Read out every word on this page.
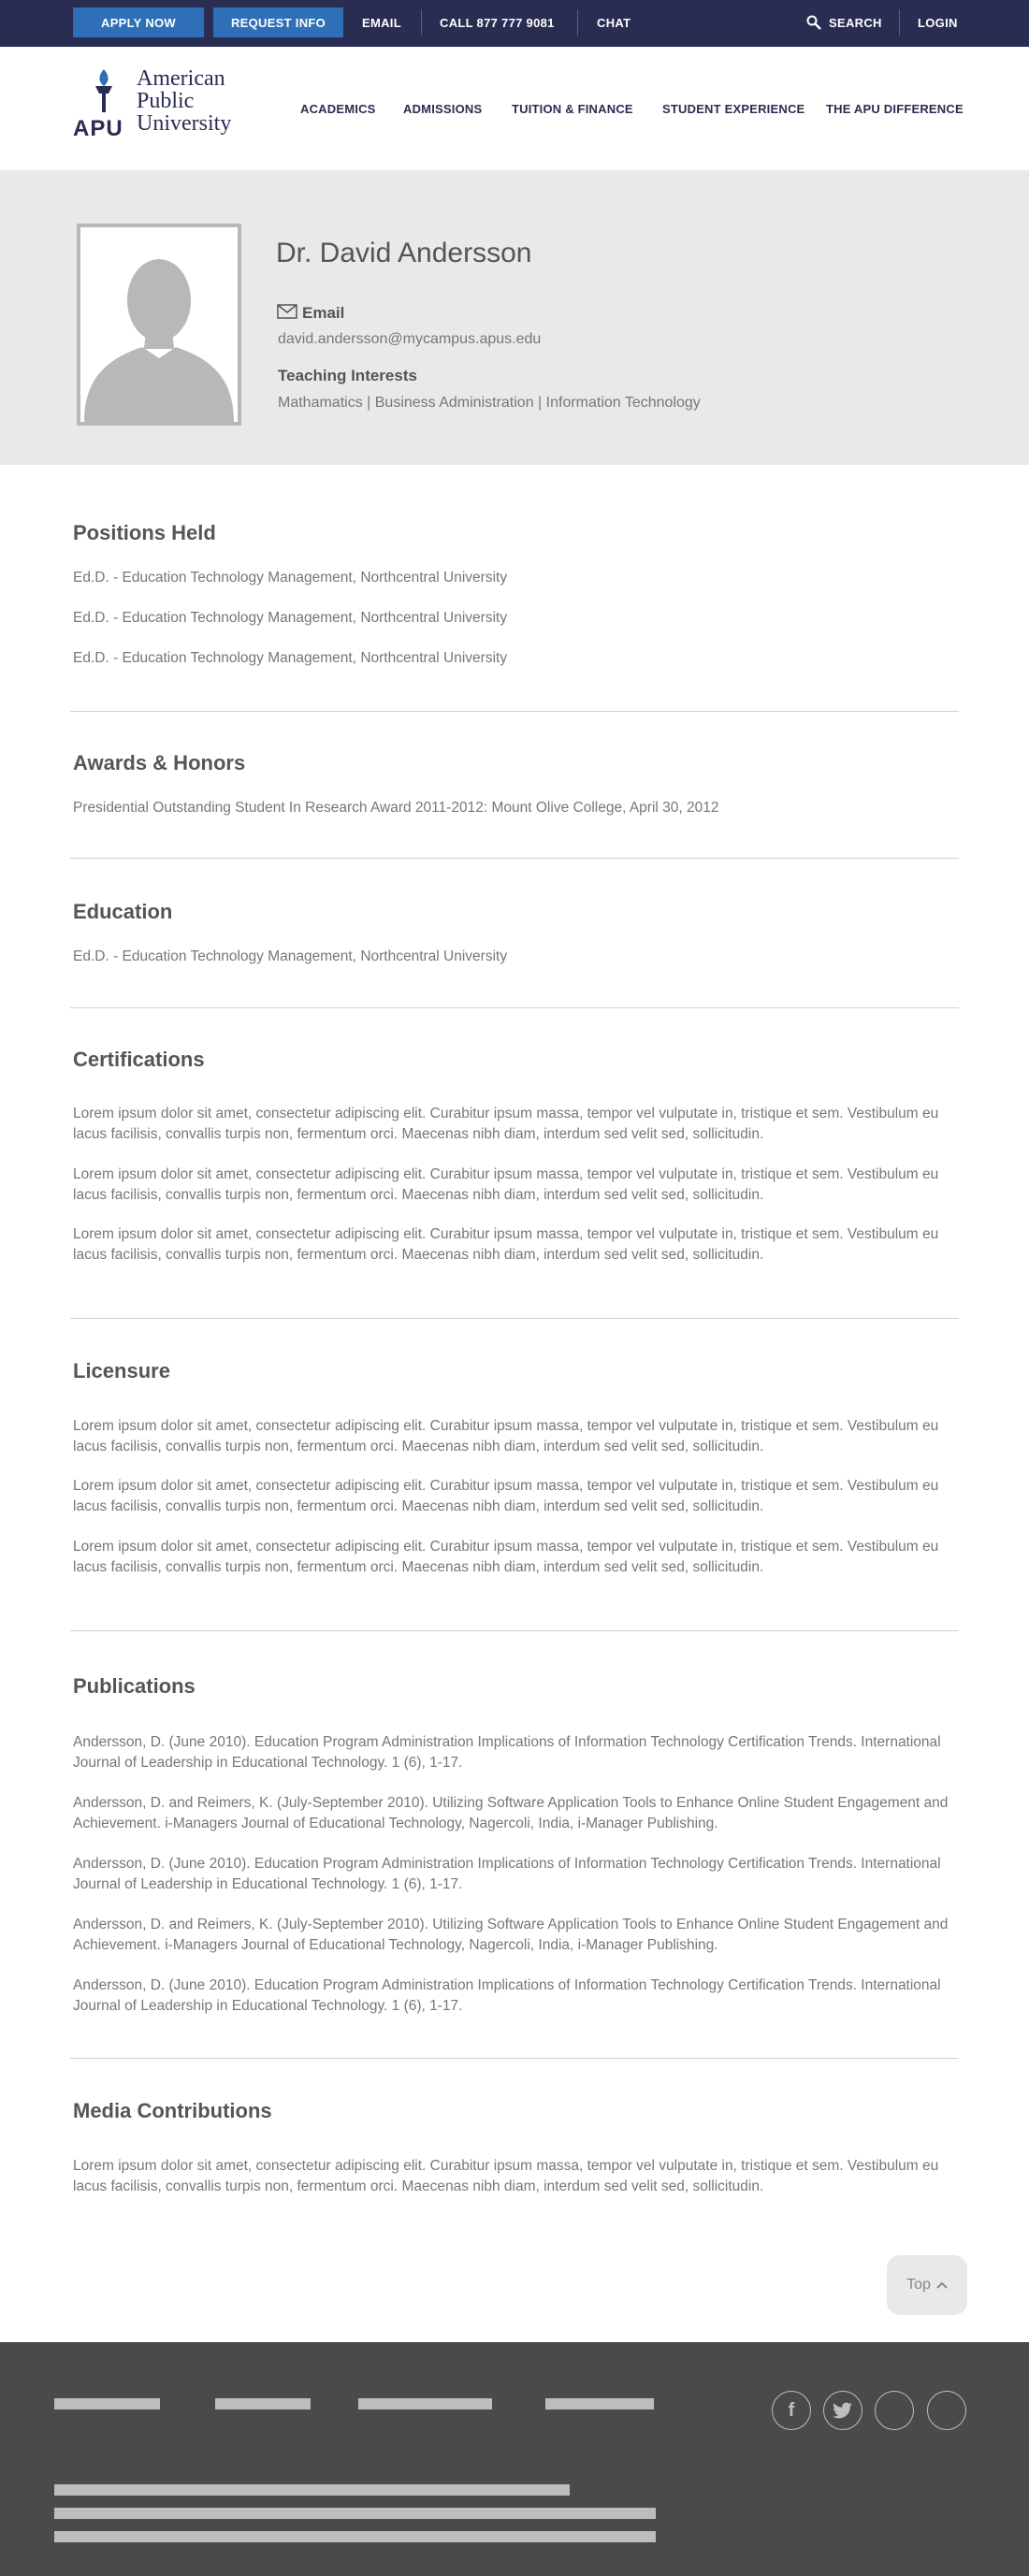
APPLY NOW	REQUEST INFO	EMAIL	CALL 877 777 9081	CHAT	SEARCH	LOGIN
American
Public
University
APU
ACADEMICS ADMISSIONS TUITION & FINANCE STUDENT EXPERIENCE THE APU DIFFERENCE
Dr. David Andersson
Email
david.andersson@mycampus.apus.edu
Teaching Interests
Mathamatics | Business Administration | Information Technology
Positions Held
Ed.D. - Education Technology Management, Northcentral University
Ed.D. - Education Technology Management, Northcentral University
Ed.D. - Education Technology Management, Northcentral University
Awards & Honors
Presidential Outstanding Student In Research Award 2011-2012: Mount Olive College, April 30, 2012
Education
Ed.D. - Education Technology Management, Northcentral University
Certifications
Lorem ipsum dolor sit amet, consectetur adipiscing elit. Curabitur ipsum massa, tempor vel vulputate in, tristique et sem. Vestibulum eu lacus facilisis, convallis turpis non, fermentum orci. Maecenas nibh diam, interdum sed velit sed, sollicitudin.
Lorem ipsum dolor sit amet, consectetur adipiscing elit. Curabitur ipsum massa, tempor vel vulputate in, tristique et sem. Vestibulum eu lacus facilisis, convallis turpis non, fermentum orci. Maecenas nibh diam, interdum sed velit sed, sollicitudin.
Lorem ipsum dolor sit amet, consectetur adipiscing elit. Curabitur ipsum massa, tempor vel vulputate in, tristique et sem. Vestibulum eu lacus facilisis, convallis turpis non, fermentum orci. Maecenas nibh diam, interdum sed velit sed, sollicitudin.
Licensure
Lorem ipsum dolor sit amet, consectetur adipiscing elit. Curabitur ipsum massa, tempor vel vulputate in, tristique et sem. Vestibulum eu lacus facilisis, convallis turpis non, fermentum orci. Maecenas nibh diam, interdum sed velit sed, sollicitudin.
Lorem ipsum dolor sit amet, consectetur adipiscing elit. Curabitur ipsum massa, tempor vel vulputate in, tristique et sem. Vestibulum eu lacus facilisis, convallis turpis non, fermentum orci. Maecenas nibh diam, interdum sed velit sed, sollicitudin.
Lorem ipsum dolor sit amet, consectetur adipiscing elit. Curabitur ipsum massa, tempor vel vulputate in, tristique et sem. Vestibulum eu lacus facilisis, convallis turpis non, fermentum orci. Maecenas nibh diam, interdum sed velit sed, sollicitudin.
Publications
Andersson, D. (June 2010). Education Program Administration Implications of Information Technology Certification Trends. International Journal of Leadership in Educational Technology. 1 (6), 1-17.
Andersson, D. and Reimers, K. (July-September 2010). Utilizing Software Application Tools to Enhance Online Student Engagement and Achievement. i-Managers Journal of Educational Technology, Nagercoli, India, i-Manager Publishing.
Andersson, D. (June 2010). Education Program Administration Implications of Information Technology Certification Trends. International Journal of Leadership in Educational Technology. 1 (6), 1-17.
Andersson, D. and Reimers, K. (July-September 2010). Utilizing Software Application Tools to Enhance Online Student Engagement and Achievement. i-Managers Journal of Educational Technology, Nagercoli, India, i-Manager Publishing.
Andersson, D. (June 2010). Education Program Administration Implications of Information Technology Certification Trends. International Journal of Leadership in Educational Technology. 1 (6), 1-17.
Media Contributions
Lorem ipsum dolor sit amet, consectetur adipiscing elit. Curabitur ipsum massa, tempor vel vulputate in, tristique et sem. Vestibulum eu lacus facilisis, convallis turpis non, fermentum orci. Maecenas nibh diam, interdum sed velit sed, sollicitudin.
Top
f
